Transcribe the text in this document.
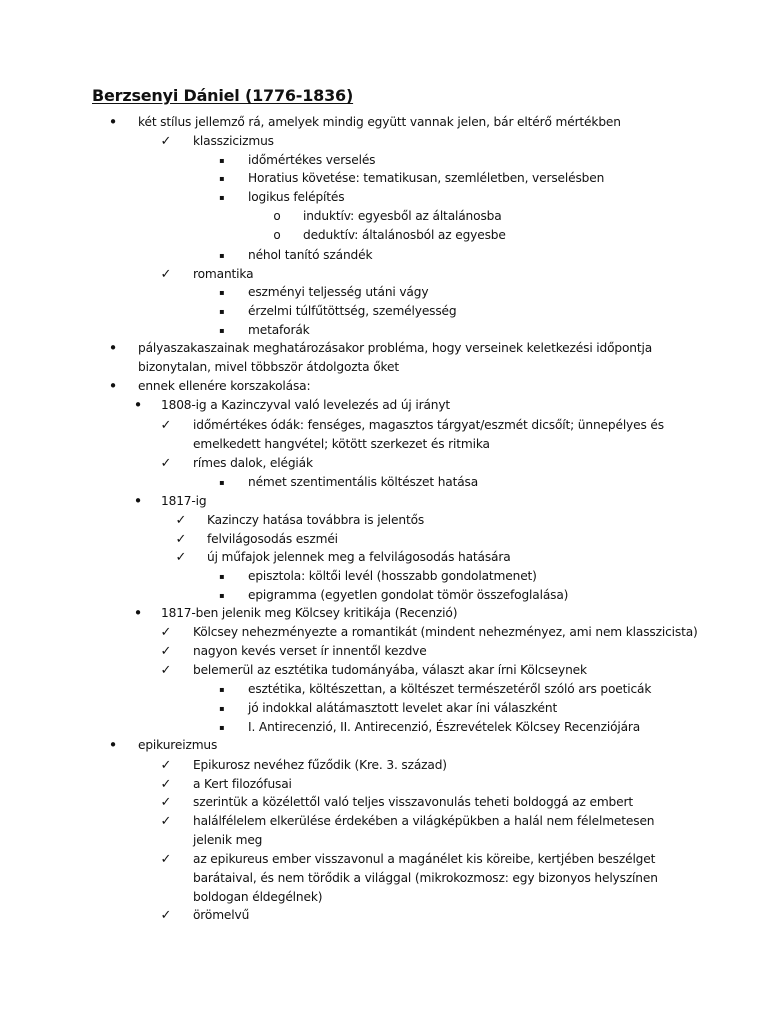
Berzsenyi Dániel (1776-1836)
• két stílus jellemző rá, amelyek mindig együtt vannak jelen, bár eltérő mértékben
✓ klasszicizmus
▪	időmértékes verselés
▪	Horatius követése: tematikusan, szemléletben, verselésben
▪	logikus felépítés
o induktív: egyesből az általánosba
o deduktív: általánosból az egyesbe
▪	néhol tanító szándék
✓ romantika
▪	eszményi teljesség utáni vágy
▪	érzelmi túlfűtöttség, személyesség
▪	metaforák
• pályaszakaszainak meghatározásakor probléma, hogy verseinek keletkezési időpontja
bizonytalan, mivel többször átdolgozta őket
• ennek ellenére korszakolása:
• 1808-ig a Kazinczyval való levelezés ad új irányt
✓ időmértékes ódák: fenséges, magasztos tárgyat/eszmét dicsőít; ünnepélyes és
emelkedett hangvétel; kötött szerkezet és ritmika
✓ rímes dalok, elégiák
▪	német szentimentális költészet hatása
• 1817-ig
✓ Kazinczy hatása továbbra is jelentős
✓ felvilágosodás eszméi
✓ új műfajok jelennek meg a felvilágosodás hatására
▪	episztola: költői levél (hosszabb gondolatmenet)
▪	epigramma (egyetlen gondolat tömör összefoglalása)
• 1817-ben jelenik meg Kölcsey kritikája (Recenzió)
✓ Kölcsey nehezményezte a romantikát (mindent nehezményez, ami nem klasszicista)
✓ nagyon kevés verset ír innentől kezdve
✓ belemerül az esztétika tudományába, választ akar írni Kölcseynek
▪	esztétika, költészettan, a költészet természetéről szóló ars poeticák
▪	jó indokkal alátámasztott levelet akar íni válaszként
▪	I. Antirecenzió, II. Antirecenzió, Észrevételek Kölcsey Recenziójára
• epikureizmus
✓ Epikurosz nevéhez fűződik (Kre. 3. század)
✓ a Kert filozófusai
✓ szerintük a közélettől való teljes visszavonulás teheti boldoggá az embert
✓ halálfélelem elkerülése érdekében a világképükben a halál nem félelmetesen
jelenik meg
✓ az epikureus ember visszavonul a magánélet kis köreibe, kertjében beszélget
barátaival, és nem törődik a világgal (mikrokozmosz: egy bizonyos helyszínen
boldogan éldegélnek)
✓ örömelvű
